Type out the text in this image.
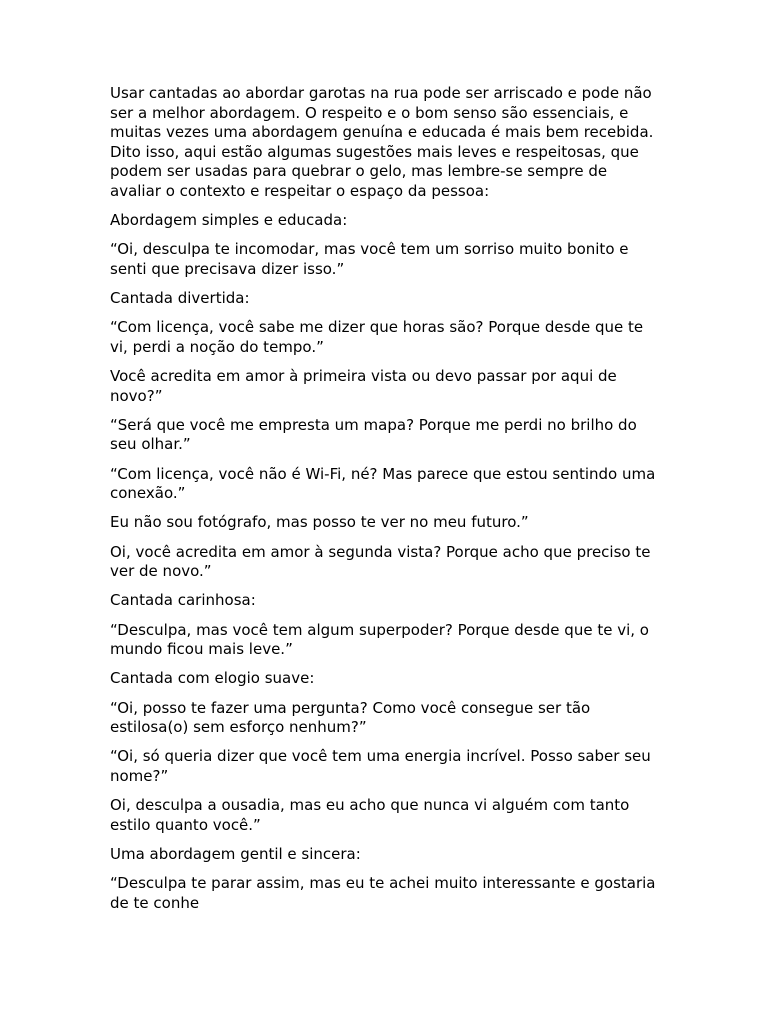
Usar cantadas ao abordar garotas na rua pode ser arriscado e pode não ser a melhor abordagem. O respeito e o bom senso são essenciais, e muitas vezes uma abordagem genuína e educada é mais bem recebida. Dito isso, aqui estão algumas sugestões mais leves e respeitosas, que podem ser usadas para quebrar o gelo, mas lembre-se sempre de avaliar o contexto e respeitar o espaço da pessoa:

Abordagem simples e educada:

“Oi, desculpa te incomodar, mas você tem um sorriso muito bonito e senti que precisava dizer isso.”

Cantada divertida:

“Com licença, você sabe me dizer que horas são? Porque desde que te vi, perdi a noção do tempo.”

Você acredita em amor à primeira vista ou devo passar por aqui de novo?”

“Será que você me empresta um mapa? Porque me perdi no brilho do seu olhar.”

“Com licença, você não é Wi-Fi, né? Mas parece que estou sentindo uma conexão.”

Eu não sou fotógrafo, mas posso te ver no meu futuro.”

Oi, você acredita em amor à segunda vista? Porque acho que preciso te ver de novo.”

Cantada carinhosa:

“Desculpa, mas você tem algum superpoder? Porque desde que te vi, o mundo ficou mais leve.”

Cantada com elogio suave:

“Oi, posso te fazer uma pergunta? Como você consegue ser tão estilosa(o) sem esforço nenhum?”

“Oi, só queria dizer que você tem uma energia incrível. Posso saber seu nome?”

Oi, desculpa a ousadia, mas eu acho que nunca vi alguém com tanto estilo quanto você.”

Uma abordagem gentil e sincera:

“Desculpa te parar assim, mas eu te achei muito interessante e gostaria de te conhe
